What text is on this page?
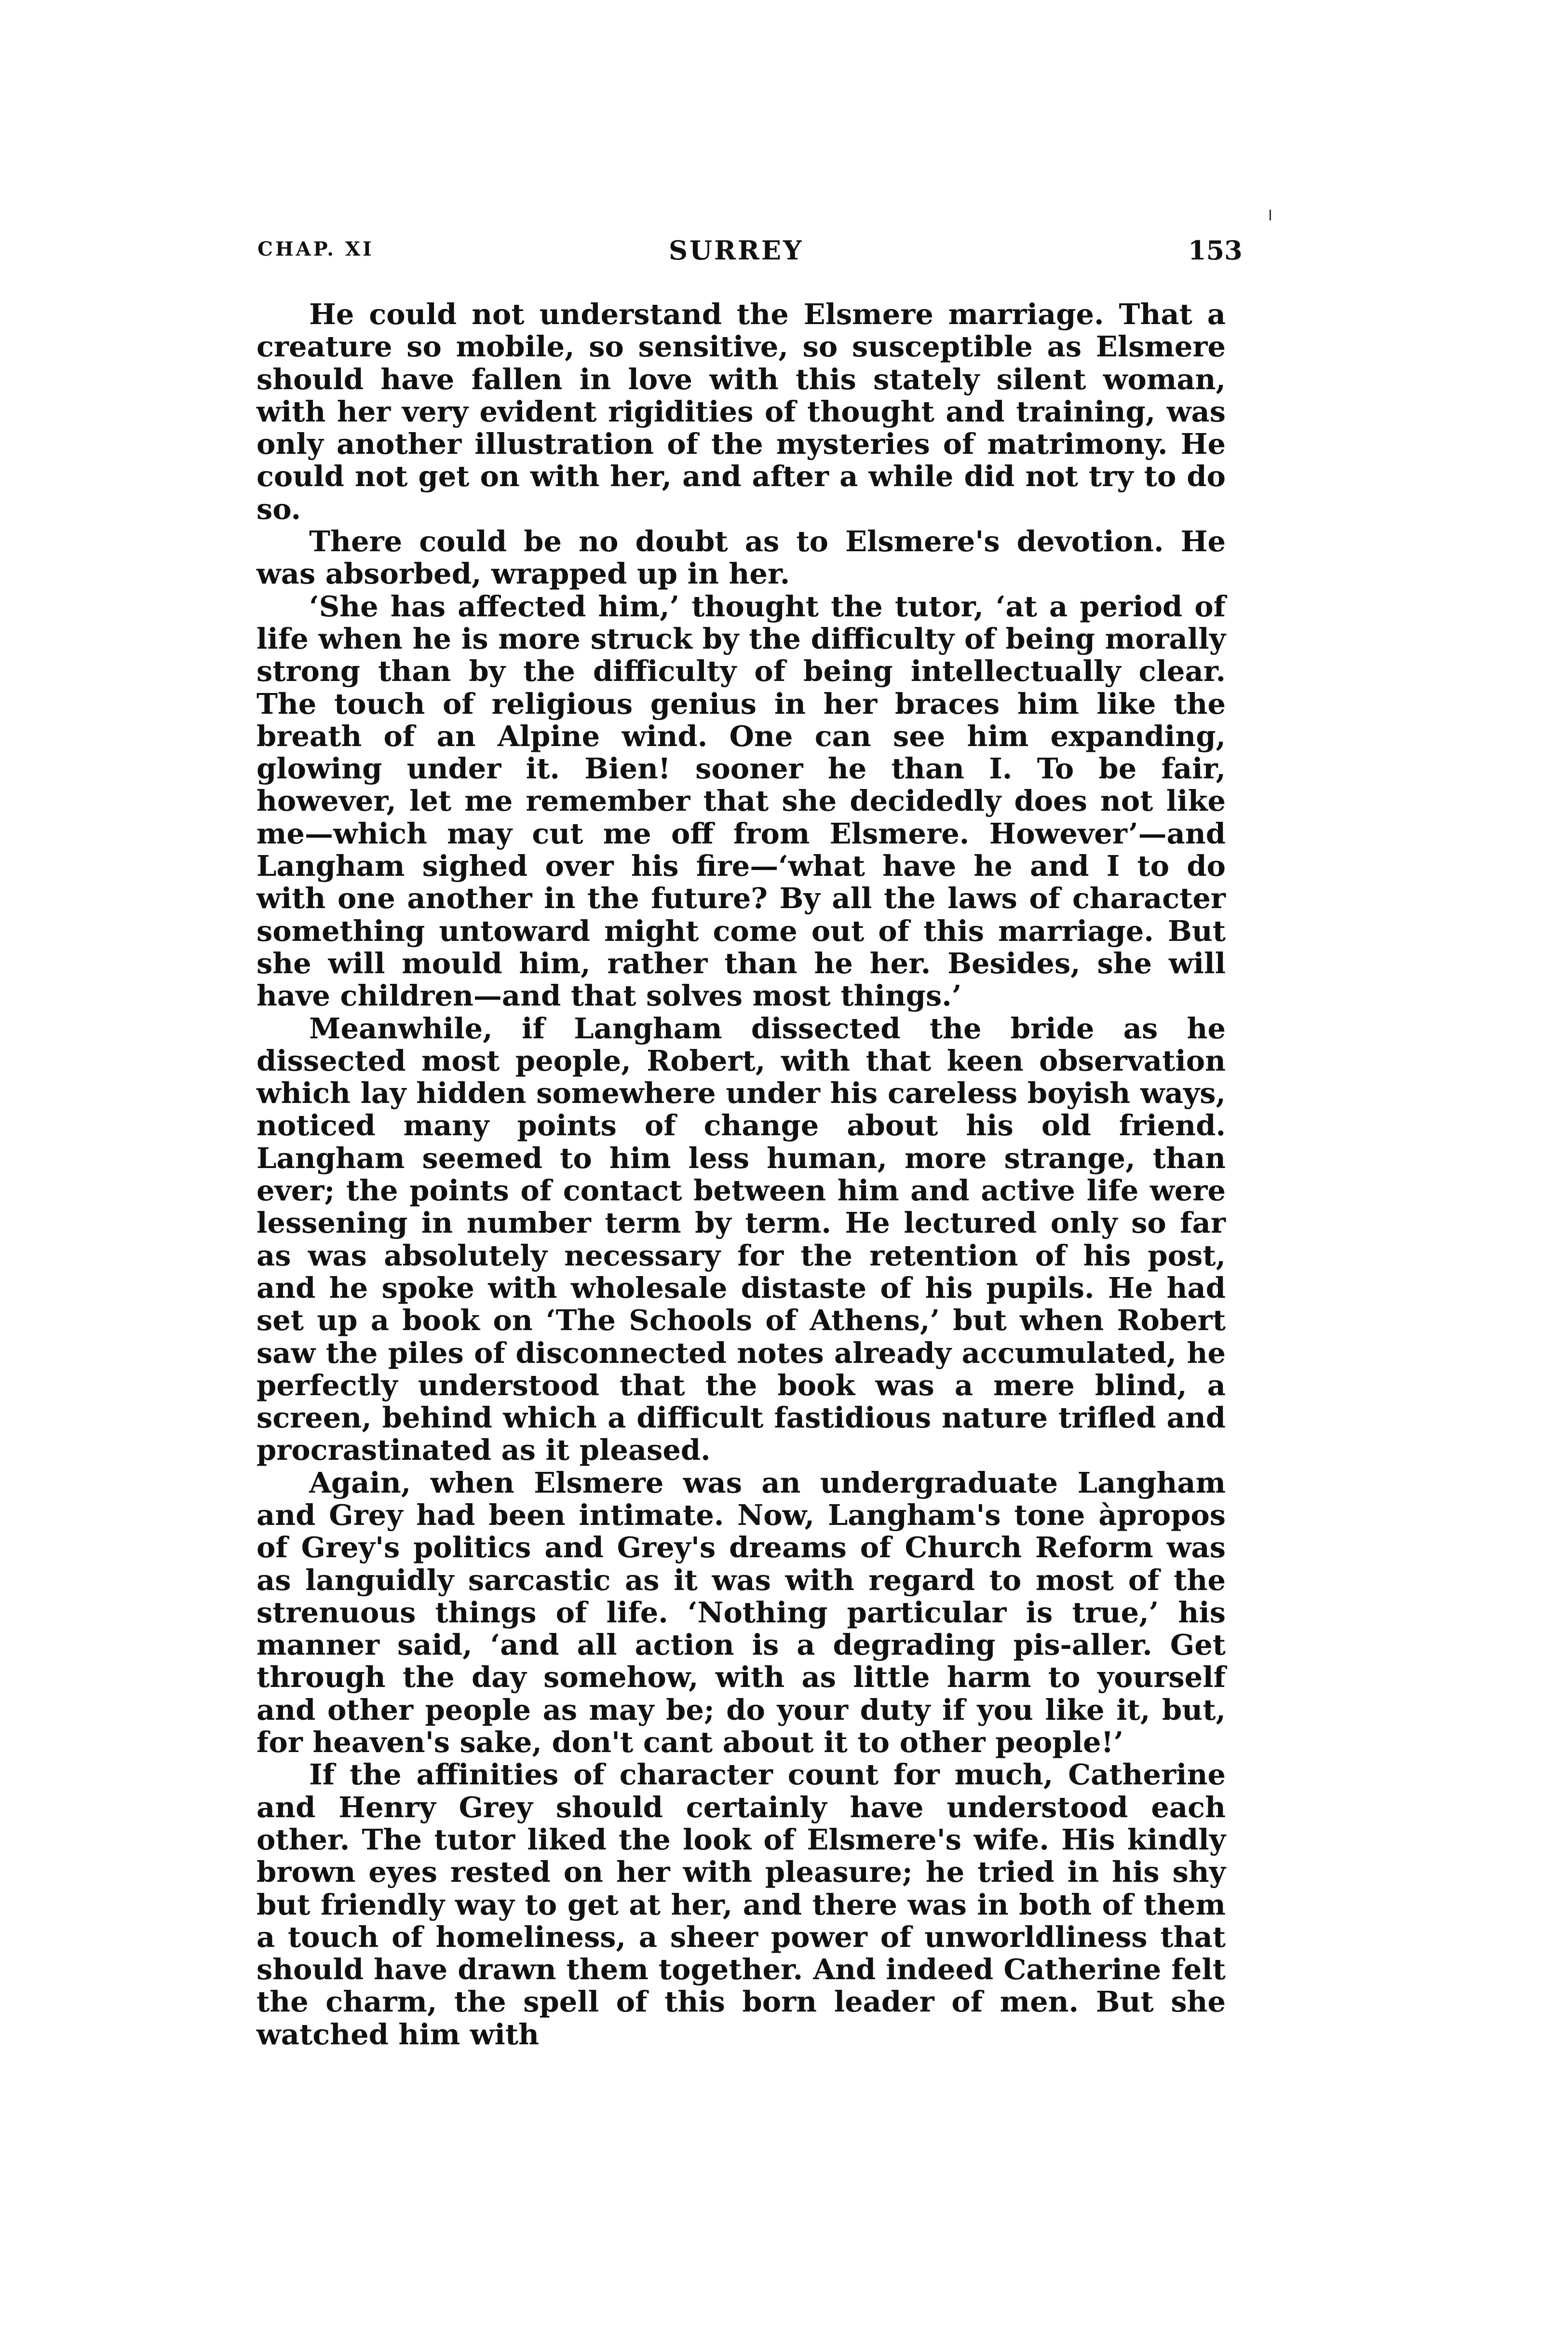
CHAP. XI	SURREY	153

He could not understand the Elsmere marriage. That a creature so mobile, so sensitive, so susceptible as Elsmere should have fallen in love with this stately silent woman, with her very evident rigidities of thought and training, was only another illustration of the mysteries of matrimony. He could not get on with her, and after a while did not try to do so.

There could be no doubt as to Elsmere's devotion. He was absorbed, wrapped up in her.

‘She has affected him,’ thought the tutor, ‘at a period of life when he is more struck by the difficulty of being morally strong than by the difficulty of being intellectually clear. The touch of religious genius in her braces him like the breath of an Alpine wind. One can see him expanding, glowing under it. Bien! sooner he than I. To be fair, however, let me remember that she decidedly does not like me—which may cut me off from Elsmere. However’—and Langham sighed over his fire—‘what have he and I to do with one another in the future? By all the laws of character something untoward might come out of this marriage. But she will mould him, rather than he her. Besides, she will have children—and that solves most things.’

Meanwhile, if Langham dissected the bride as he dissected most people, Robert, with that keen observation which lay hidden somewhere under his careless boyish ways, noticed many points of change about his old friend. Langham seemed to him less human, more strange, than ever; the points of contact between him and active life were lessening in number term by term. He lectured only so far as was absolutely necessary for the retention of his post, and he spoke with wholesale distaste of his pupils. He had set up a book on ‘The Schools of Athens,’ but when Robert saw the piles of disconnected notes already accumulated, he perfectly understood that the book was a mere blind, a screen, behind which a difficult fastidious nature trifled and procrastinated as it pleased.

Again, when Elsmere was an undergraduate Langham and Grey had been intimate. Now, Langham's tone àpropos of Grey's politics and Grey's dreams of Church Reform was as languidly sarcastic as it was with regard to most of the strenuous things of life. ‘Nothing particular is true,’ his manner said, ‘and all action is a degrading pis-aller. Get through the day somehow, with as little harm to yourself and other people as may be; do your duty if you like it, but, for heaven's sake, don't cant about it to other people!’

If the affinities of character count for much, Catherine and Henry Grey should certainly have understood each other. The tutor liked the look of Elsmere's wife. His kindly brown eyes rested on her with pleasure; he tried in his shy but friendly way to get at her, and there was in both of them a touch of homeliness, a sheer power of unworldliness that should have drawn them together. And indeed Catherine felt the charm, the spell of this born leader of men. But she watched him with
